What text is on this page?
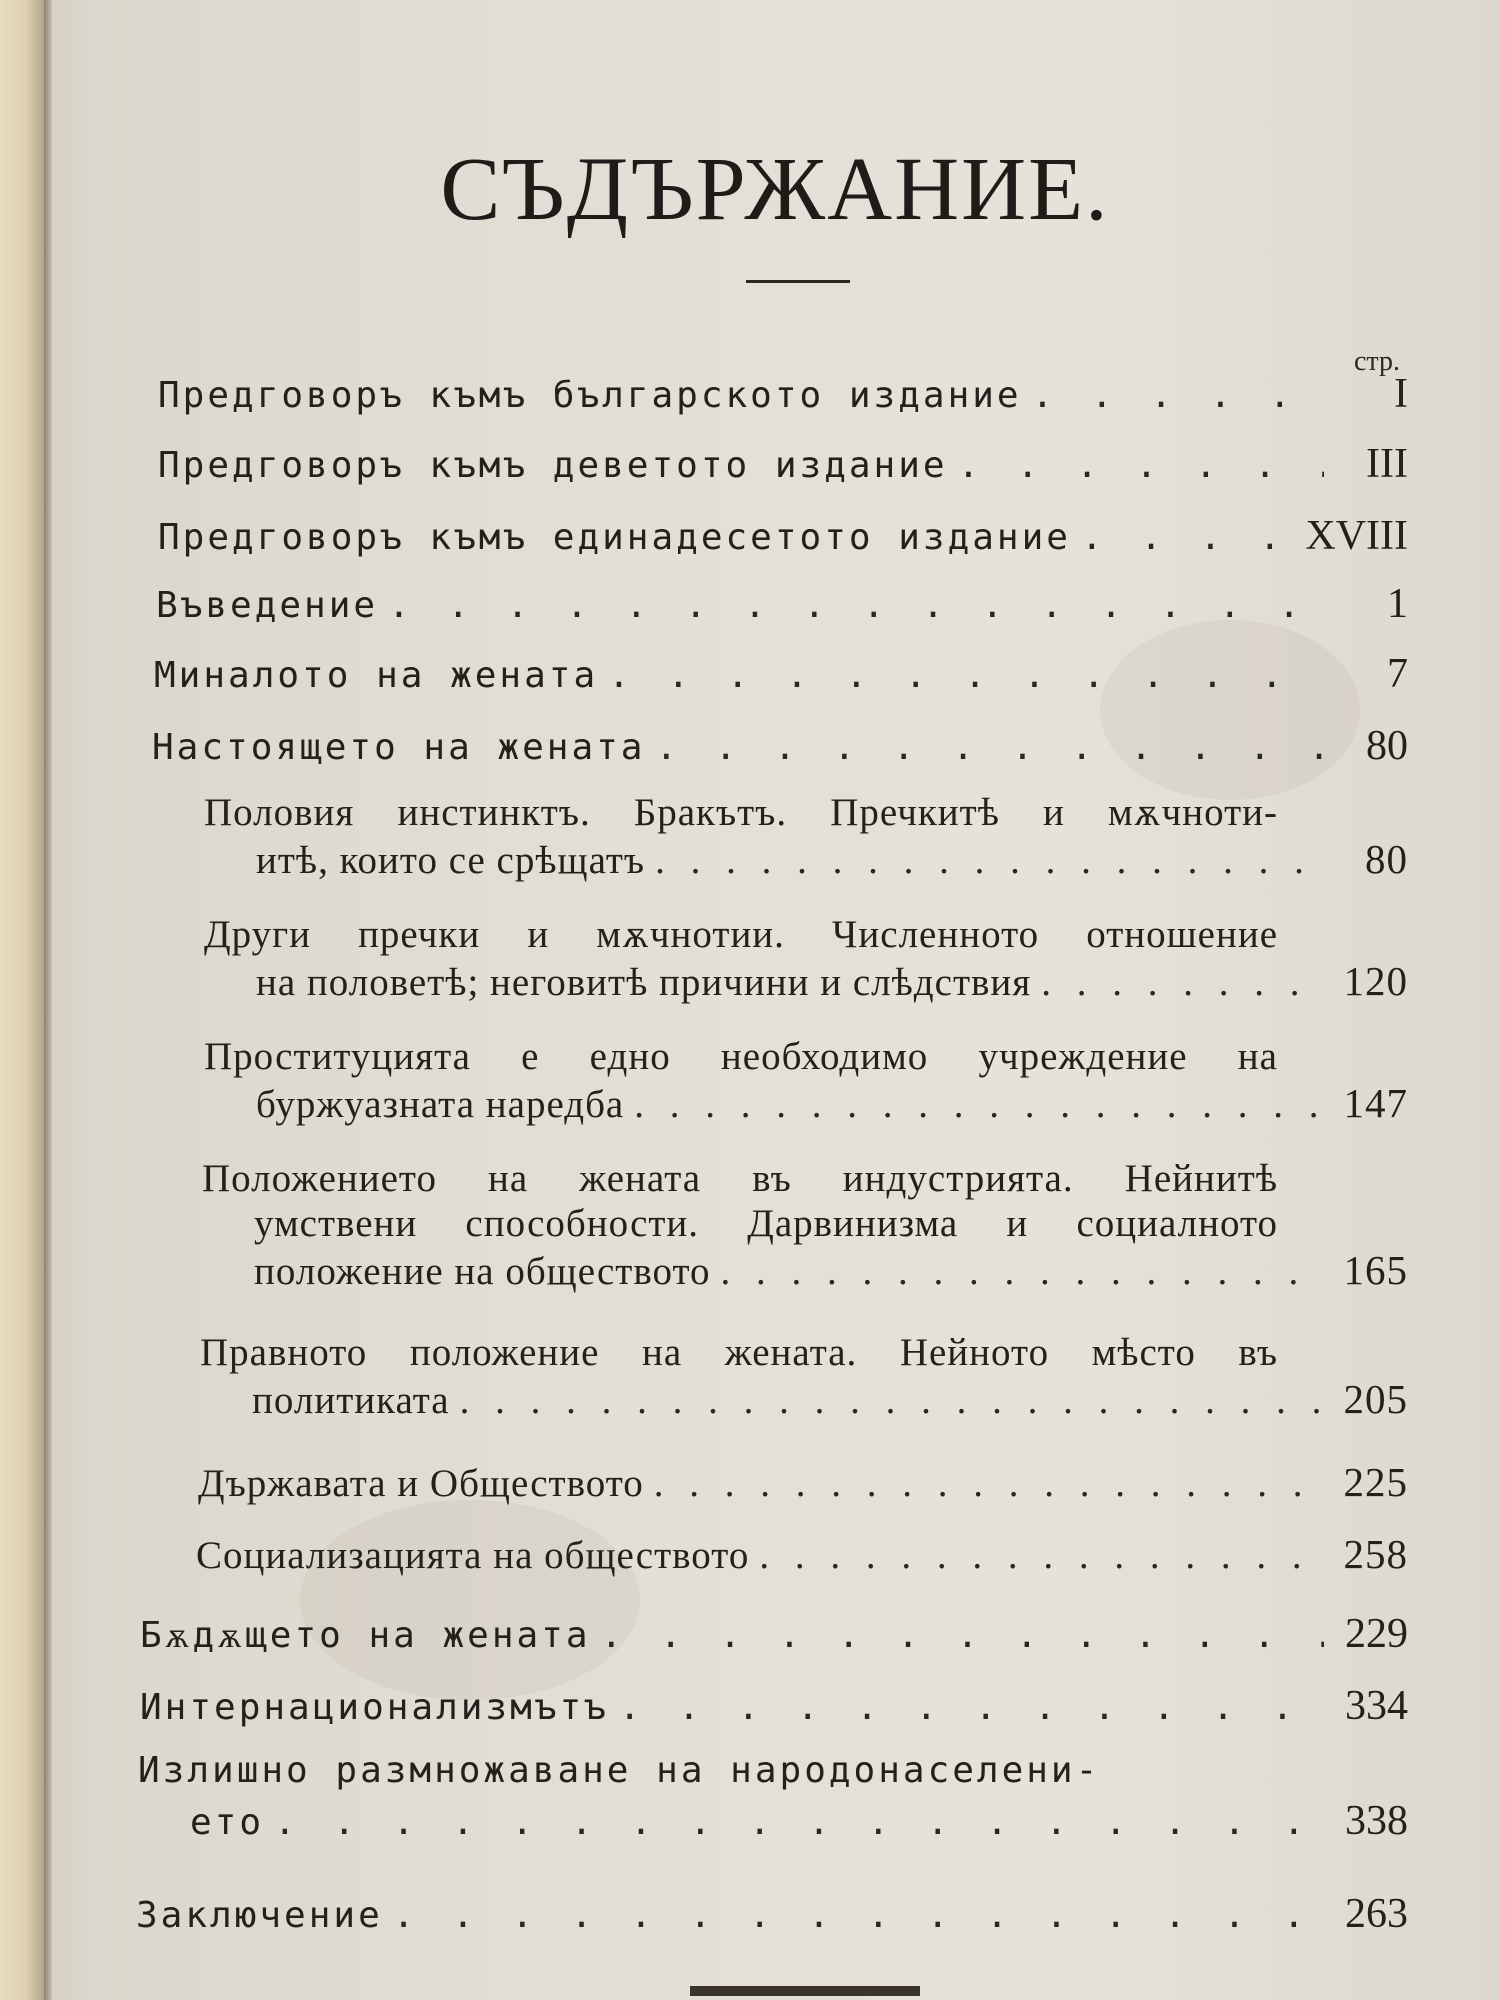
СЪДЪРЖАНИЕ.
стр.
Предговоръ къмъ българското издание . . .	I
Предговоръ къмъ деветото издание . . .	III
Предговоръ къмъ единадесетото издание . . .	XVIII
Въведение . . .	1
Миналото на жената . . .	7
Настоящето на жената . . .	80
Половия инстинктъ. Бракътъ. Пречкитѣ и мѫчноти-
итѣ, които се срѣщатъ . . .	80
Други пречки и мѫчнотии. Численното отношение
на половетѣ; неговитѣ причини и слѣдствия . . .	120
Проституцията е едно необходимо учреждение на
буржуазната наредба . . .	147
Положението на жената въ индустрията. Нейнитѣ
умствени способности. Дарвинизма и социалното
положение на обществото . . .	165
Правното положение на жената. Нейното мѣсто въ
политиката . . .	205
Държавата и Обществото . . .	225
Социализацията на обществото . . .	258
Бѫдѫщето на жената . . .	229
Интернационализмътъ . . .	334
Излишно размножаване на народонаселени-
ето . . .	338
Заключение . . .	263
